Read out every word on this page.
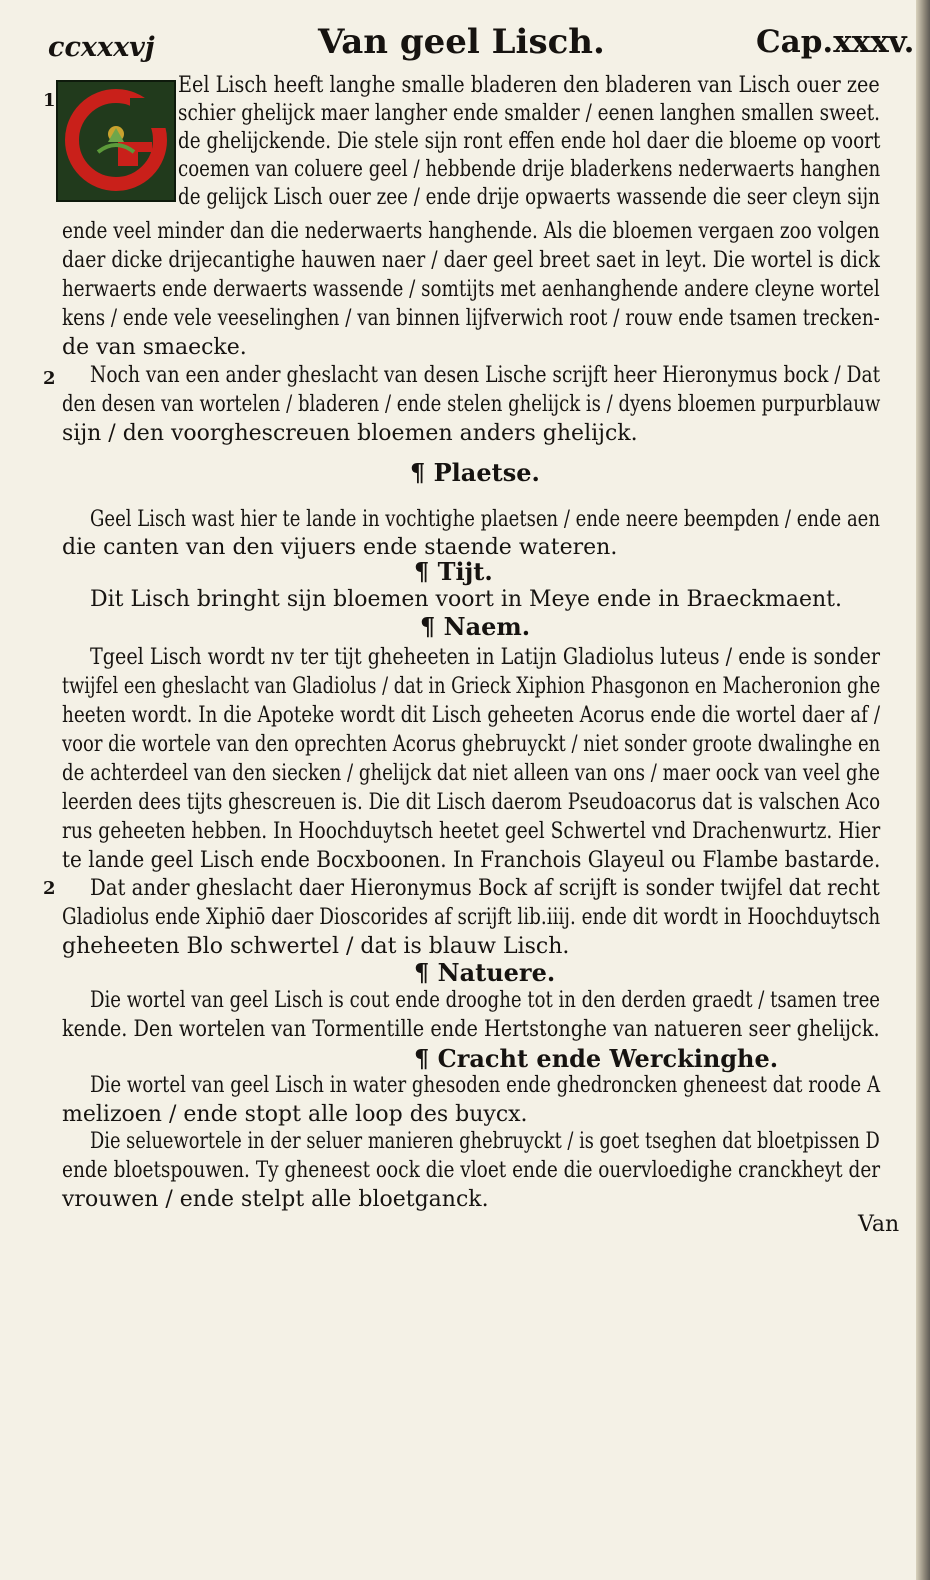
ccxxxvj	Van geel Lisch.	Cap.xxxv.
1
2
2
Eel Lisch heeft langhe smalle bladeren den bladeren van Lisch ouer zee
schier ghelijck maer langher ende smalder / eenen langhen smallen sweet.
de ghelijckende. Die stele sijn ront effen ende hol daer die bloeme op voort
coemen van coluere geel / hebbende drije bladerkens nederwaerts hanghen
de gelijck Lisch ouer zee / ende drije opwaerts wassende die seer cleyn sijn
ende veel minder dan die nederwaerts hanghende. Als die bloemen vergaen zoo volgen
daer dicke drijecantighe hauwen naer / daer geel breet saet in leyt. Die wortel is dick
herwaerts ende derwaerts wassende / somtijts met aenhanghende andere cleyne wortel
kens / ende vele veeselinghen / van binnen lijfverwich root / rouw ende tsamen trecken-
de van smaecke.
Noch van een ander gheslacht van desen Lische scrijft heer Hieronymus bock / Dat
den desen van wortelen / bladeren / ende stelen ghelijck is / dyens bloemen purpurblauw
sijn / den voorghescreuen bloemen anders ghelijck.
¶ Plaetse.
Geel Lisch wast hier te lande in vochtighe plaetsen / ende neere beempden / ende aen
die canten van den vijuers ende staende wateren.
¶ Tijt.
Dit Lisch bringht sijn bloemen voort in Meye ende in Braeckmaent.
¶ Naem.
Tgeel Lisch wordt nv ter tijt gheheeten in Latijn Gladiolus luteus / ende is sonder
twijfel een gheslacht van Gladiolus / dat in Grieck Xiphion Phasgonon en Macheronion ghe
heeten wordt. In die Apoteke wordt dit Lisch geheeten Acorus ende die wortel daer af /
voor die wortele van den oprechten Acorus ghebruyckt / niet sonder groote dwalinghe en
de achterdeel van den siecken / ghelijck dat niet alleen van ons / maer oock van veel ghe
leerden dees tijts ghescreuen is. Die dit Lisch daerom Pseudoacorus dat is valschen Aco
rus geheeten hebben. In Hoochduytsch heetet geel Schwertel vnd Drachenwurtz. Hier
te lande geel Lisch ende Bocxboonen. In Franchois Glayeul ou Flambe bastarde.
Dat ander gheslacht daer Hieronymus Bock af scrijft is sonder twijfel dat recht
Gladiolus ende Xiphiō daer Dioscorides af scrijft lib.iiij. ende dit wordt in Hoochduytsch
gheheeten Blo schwertel / dat is blauw Lisch.
¶ Natuere.
Die wortel van geel Lisch is cout ende drooghe tot in den derden graedt / tsamen tree
kende. Den wortelen van Tormentille ende Hertstonghe van natueren seer ghelijck.
¶ Cracht ende Werckinghe.
Die wortel van geel Lisch in water ghesoden ende ghedroncken gheneest dat roode A
melizoen / ende stopt alle loop des buycx.
Die seluewortele in der seluer manieren ghebruyckt / is goet tseghen dat bloetpissen D
ende bloetspouwen. Ty gheneest oock die vloet ende die ouervloedighe cranckheyt der
vrouwen / ende stelpt alle bloetganck.
Van
